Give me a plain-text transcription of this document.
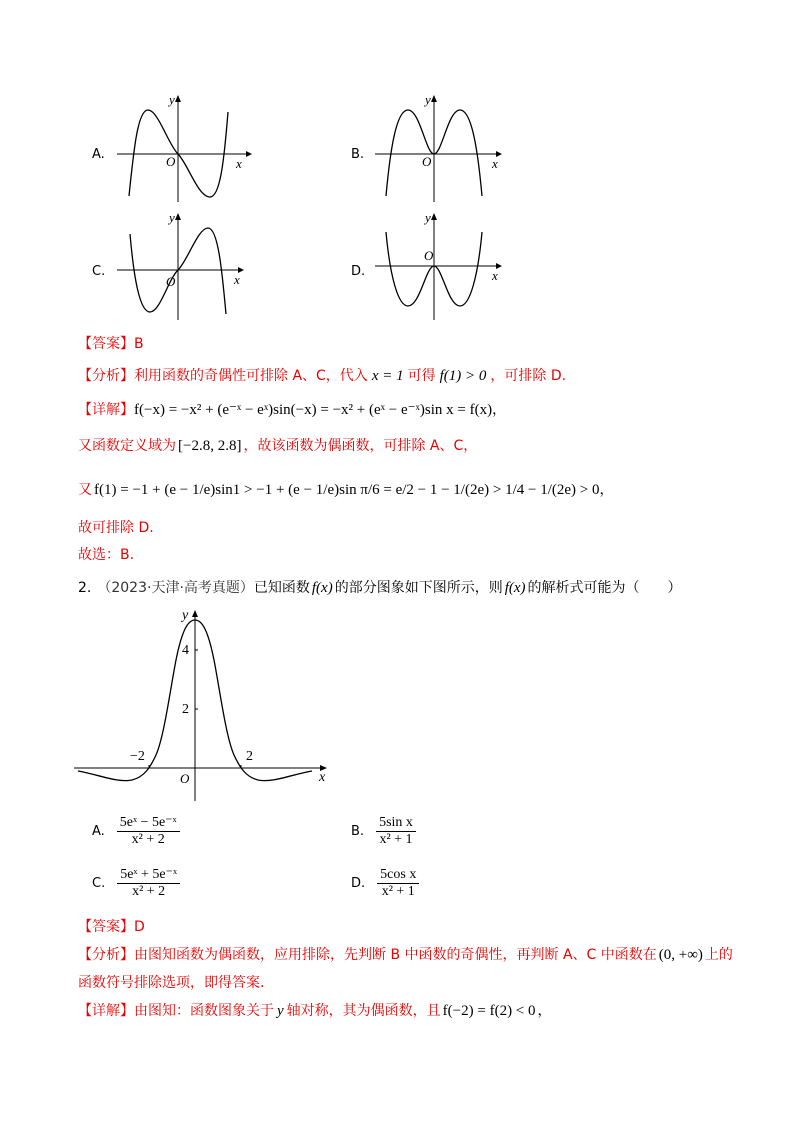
A.
y
x
O	B.
y
x
O
C.
y
x
O
D.
y
x
O
【答案】B
【分析】利用函数的奇偶性可排除 A、C，代入 x = 1 可得 f(1) > 0 ，可排除 D.
【详解】f(−x) = −x² + (e⁻ˣ − eˣ)sin(−x) = −x² + (eˣ − e⁻ˣ)sin x = f(x)，
又函数定义域为 [−2.8, 2.8] ，故该函数为偶函数，可排除 A、C，
又 f(1) = −1 + (e − 1/e)sin1 > −1 + (e − 1/e)sin π/6 = e/2 − 1 − 1/(2e) > 1/4 − 1/(2e) > 0，
故可排除 D.
故选：B.
2. （2023·天津·高考真题）已知函数 f(x) 的部分图象如下图所示，则 f(x) 的解析式可能为（　　）
y
x
O
−2	2
2
4
A. $\frac{\text{5eˣ − 5e⁻ˣ}}{\text{x² + 2}}$	B. $\frac{\text{5sin x}}{\text{x² + 1}}$
C. $\frac{\text{5eˣ + 5e⁻ˣ}}{\text{x² + 2}}$	D. $\frac{\text{5cos x}}{\text{x² + 1}}$
【答案】D
【分析】由图知函数为偶函数，应用排除，先判断 B 中函数的奇偶性，再判断 A、C 中函数在 (0, +∞) 上的
函数符号排除选项，即得答案.
【详解】由图知：函数图象关于 y 轴对称，其为偶函数，且 f(−2) = f(2) < 0 ，
